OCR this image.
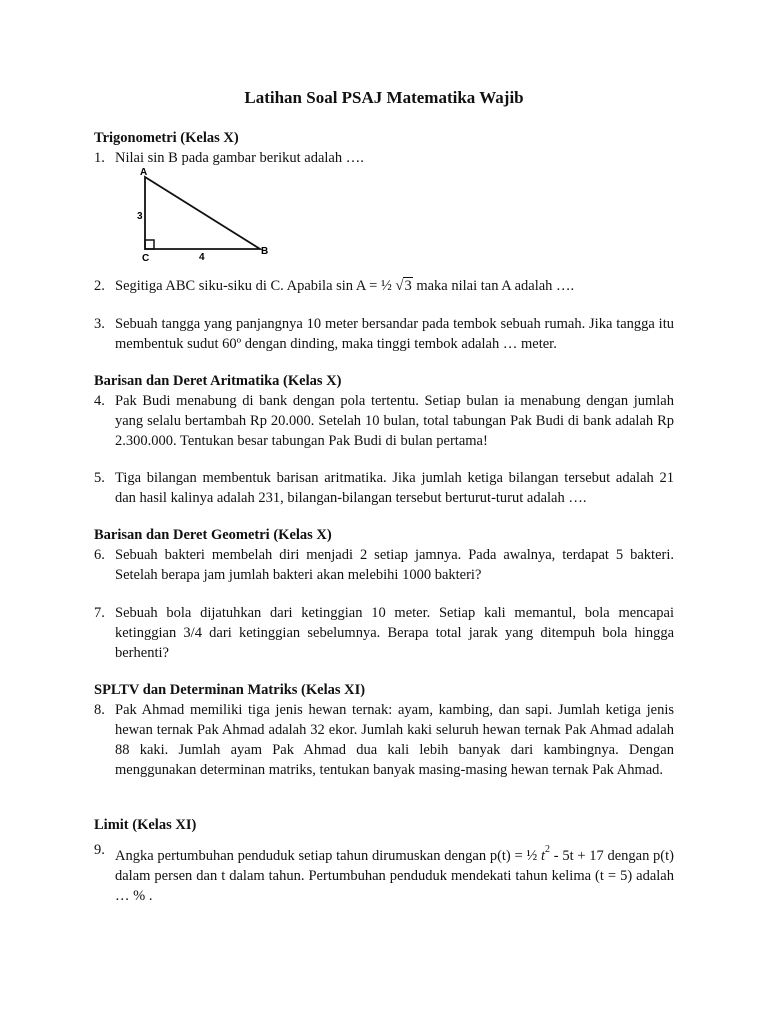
Latihan Soal PSAJ Matematika Wajib
Trigonometri (Kelas X)
1. Nilai sin B pada gambar berikut adalah ….
A
B
C
3
4
2. Segitiga ABC siku-siku di C. Apabila sin A = ½ √3 maka nilai tan A adalah ….
3. Sebuah tangga yang panjangnya 10 meter bersandar pada tembok sebuah rumah. Jika tangga itu membentuk sudut 60º dengan dinding, maka tinggi tembok adalah … meter.
Barisan dan Deret Aritmatika (Kelas X)
4. Pak Budi menabung di bank dengan pola tertentu. Setiap bulan ia menabung dengan jumlah yang selalu bertambah Rp 20.000. Setelah 10 bulan, total tabungan Pak Budi di bank adalah Rp 2.300.000. Tentukan besar tabungan Pak Budi di bulan pertama!
5. Tiga bilangan membentuk barisan aritmatika. Jika jumlah ketiga bilangan tersebut adalah 21 dan hasil kalinya adalah 231, bilangan-bilangan tersebut berturut-turut adalah ….
Barisan dan Deret Geometri (Kelas X)
6. Sebuah bakteri membelah diri menjadi 2 setiap jamnya. Pada awalnya, terdapat 5 bakteri. Setelah berapa jam jumlah bakteri akan melebihi 1000 bakteri?
7. Sebuah bola dijatuhkan dari ketinggian 10 meter. Setiap kali memantul, bola mencapai ketinggian 3/4 dari ketinggian sebelumnya. Berapa total jarak yang ditempuh bola hingga berhenti?
SPLTV dan Determinan Matriks (Kelas XI)
8. Pak Ahmad memiliki tiga jenis hewan ternak: ayam, kambing, dan sapi. Jumlah ketiga jenis hewan ternak Pak Ahmad adalah 32 ekor. Jumlah kaki seluruh hewan ternak Pak Ahmad adalah 88 kaki. Jumlah ayam Pak Ahmad dua kali lebih banyak dari kambingnya. Dengan menggunakan determinan matriks, tentukan banyak masing-masing hewan ternak Pak Ahmad.
Limit (Kelas XI)
9. Angka pertumbuhan penduduk setiap tahun dirumuskan dengan p(t) = ½ $t^2 - 5t + 17$ dengan p(t) dalam persen dan t dalam tahun. Pertumbuhan penduduk mendekati tahun kelima (t = 5) adalah … % .
